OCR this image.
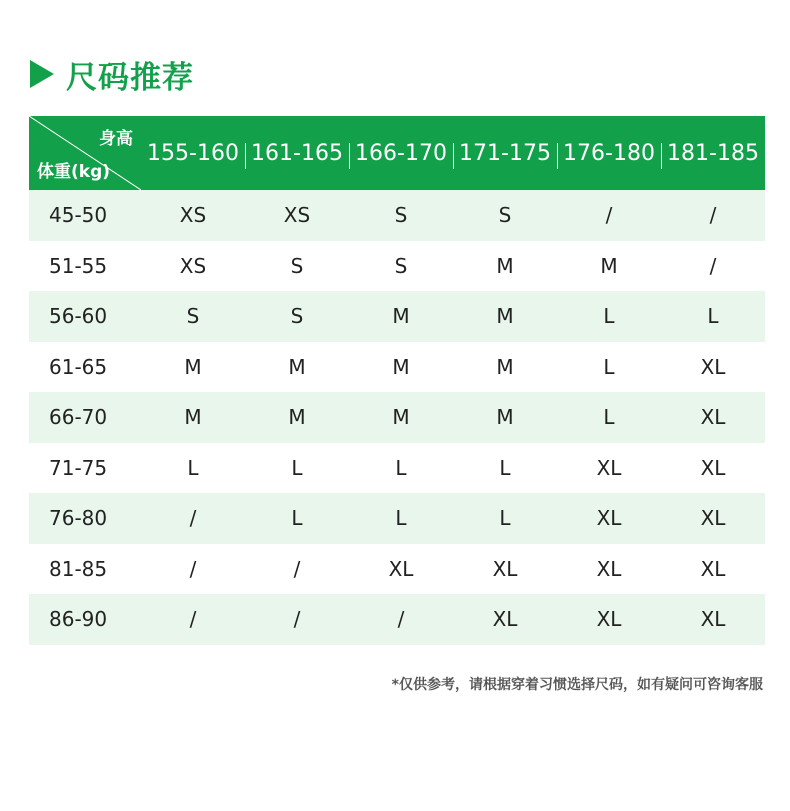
尺码推荐
身高
体重(kg)	155-160	161-165	166-170	171-175	176-180	181-185
45-50	XS	XS	S	S	/	/
51-55	XS	S	S	M	M	/
56-60	S	S	M	M	L	L
61-65	M	M	M	M	L	XL
66-70	M	M	M	M	L	XL
71-75	L	L	L	L	XL	XL
76-80	/	L	L	L	XL	XL
81-85	/	/	XL	XL	XL	XL
86-90	/	/	/	XL	XL	XL
*仅供参考，请根据穿着习惯选择尺码，如有疑问可咨询客服
